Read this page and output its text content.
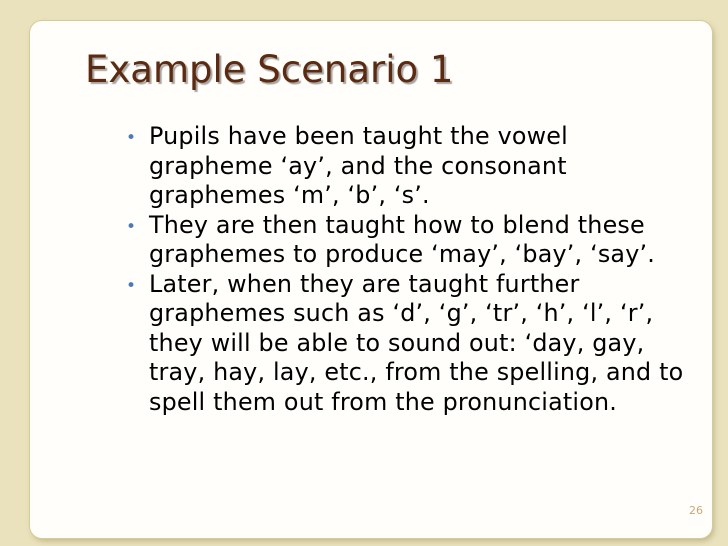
Example Scenario 1
• Pupils have been taught the vowel grapheme ‘ay’, and the consonant graphemes ‘m’, ‘b’, ‘s’.
• They are then taught how to blend these graphemes to produce ‘may’, ‘bay’, ‘say’.
• Later, when they are taught further graphemes such as ‘d’, ‘g’, ‘tr’, ‘h’, ‘l’, ‘r’, they will be able to sound out: ‘day, gay, tray, hay, lay, etc., from the spelling, and to spell them out from the pronunciation.
26
